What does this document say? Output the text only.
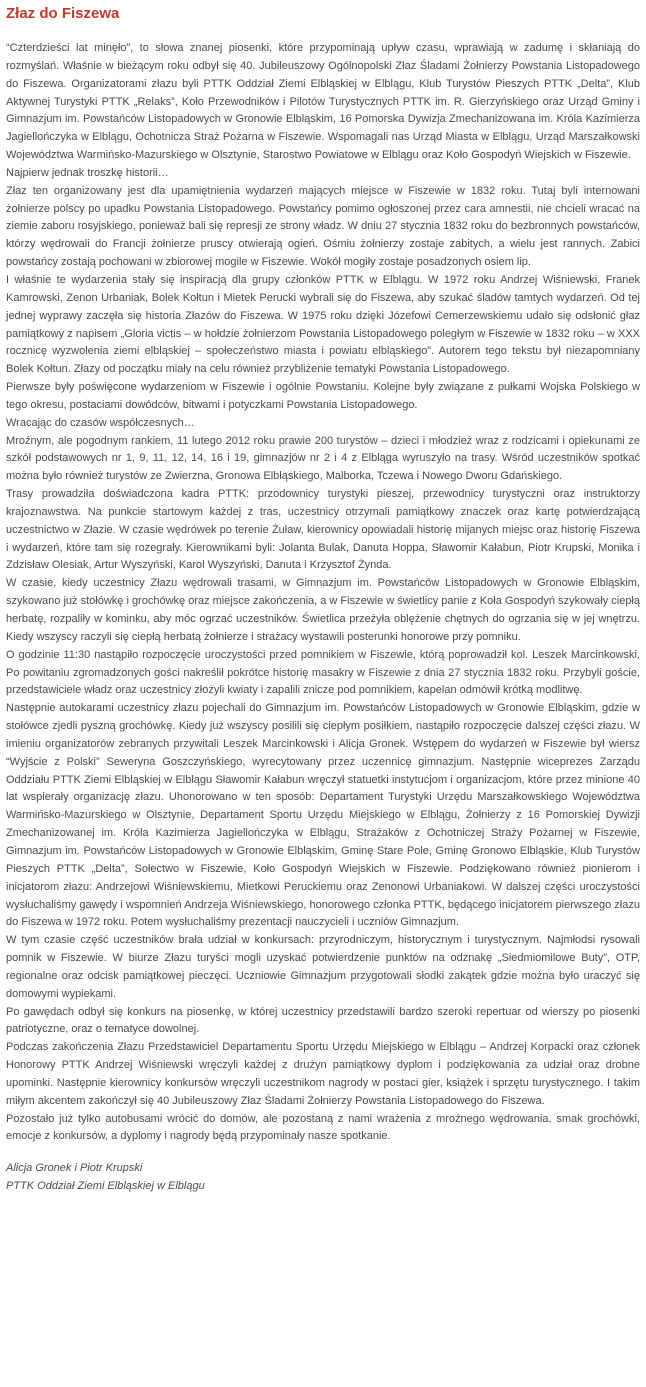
Złaz do Fiszewa

“Czterdzieści lat minęło”, to słowa znanej piosenki, które przypominają upływ czasu, wprawiają w zadumę i skłaniają do rozmyślań. Właśnie w bieżącym roku odbył się 40. Jubileuszowy Ogólnopolski Złaz Śladami Żołnierzy Powstania Listopadowego do Fiszewa. Organizatorami złazu byli PTTK Oddział Ziemi Elbląskiej w Elblągu, Klub Turystów Pieszych PTTK „Delta”, Klub Aktywnej Turystyki PTTK „Relaks”, Koło Przewodników i Pilotów Turystycznych PTTK im. R. Gierzyńskiego oraz Urząd Gminy i Gimnazjum im. Powstańców Listopadowych w Gronowie Elbląskim, 16 Pomorska Dywizja Zmechanizowana im. Króla Kazimierza Jagiellończyka w Elblągu, Ochotnicza Straż Pożarna w Fiszewie. Wspomagali nas Urząd Miasta w Elblągu, Urząd Marszałkowski Województwa Warmińsko-Mazurskiego w Olsztynie, Starostwo Powiatowe w Elblągu oraz Koło Gospodyń Wiejskich w Fiszewie.

Najpierw jednak troszkę historii…

Złaz ten organizowany jest dla upamiętnienia wydarzeń mających miejsce w Fiszewie w 1832 roku. Tutaj byli internowani żołnierze polscy po upadku Powstania Listopadowego. Powstańcy pomimo ogłoszonej przez cara amnestii, nie chcieli wracać na ziemie zaboru rosyjskiego, ponieważ bali się represji ze strony władz. W dniu 27 stycznia 1832 roku do bezbronnych powstańców, którzy wędrowali do Francji żołnierze pruscy otwierają ogień. Ośmiu żołnierzy zostaje zabitych, a wielu jest rannych. Zabici powstańcy zostają pochowani w zbiorowej mogile w Fiszewie. Wokół mogiły zostaje posadzonych osiem lip.

I właśnie te wydarzenia stały się inspiracją dla grupy członków PTTK w Elblągu. W 1972 roku Andrzej Wiśniewski, Franek Kamrowski, Zenon Urbaniak, Bolek Kołtun i Mietek Perucki wybrali się do Fiszewa, aby szukać śladów tamtych wydarzeń. Od tej jednej wyprawy zaczęła się historia Złazów do Fiszewa. W 1975 roku dzięki Józefowi Cemerzewskiemu udało się odsłonić głaz pamiątkowy z napisem „Gloria victis – w hołdzie żołnierzom Powstania Listopadowego poległym w Fiszewie w 1832 roku – w XXX rocznicę wyzwolenia ziemi elbląskiej – społeczeństwo miasta i powiatu elbląskiego”. Autorem tego tekstu był niezapomniany Bolek Kołtun. Złazy od początku miały na celu również przybliżenie tematyki Powstania Listopadowego.

Pierwsze były poświęcone wydarzeniom w Fiszewie i ogólnie Powstaniu. Kolejne były związane z pułkami Wojska Polskiego w tego okresu, postaciami dowódców, bitwami i potyczkami Powstania Listopadowego.

Wracając do czasów współczesnych…

Mroźnym, ale pogodnym rankiem, 11 lutego 2012 roku prawie 200 turystów – dzieci i młodzież wraz z rodzicami i opiekunami ze szkół podstawowych nr 1, 9, 11, 12, 14, 16 i 19, gimnazjów nr 2 i 4 z Elbląga wyruszyło na trasy. Wśród uczestników spotkać można było również turystów ze Zwierzna, Gronowa Elbląskiego, Malborka, Tczewa i Nowego Dworu Gdańskiego.

Trasy prowadziła doświadczona kadra PTTK: przodownicy turystyki pieszej, przewodnicy turystyczni oraz instruktorzy krajoznawstwa. Na punkcie startowym każdej z tras, uczestnicy otrzymali pamiątkowy znaczek oraz kartę potwierdzającą uczestnictwo w Złazie. W czasie wędrówek po terenie Żuław, kierownicy opowiadali historię mijanych miejsc oraz historię Fiszewa i wydarzeń, które tam się rozegrały. Kierownikami byli: Jolanta Bulak, Danuta Hoppa, Sławomir Kałabun, Piotr Krupski, Monika i Zdzisław Olesiak, Artur Wyszyński, Karol Wyszyński, Danuta i Krzysztof Żynda.

W czasie, kiedy uczestnicy Złazu wędrowali trasami, w Gimnazjum im. Powstańców Listopadowych w Gronowie Elbląskim, szykowano już stołówkę i grochówkę oraz miejsce zakończenia, a w Fiszewie w świetlicy panie z Koła Gospodyń szykowały ciepłą herbatę, rozpaliły w kominku, aby móc ogrzać uczestników. Świetlica przeżyła oblężenie chętnych do ogrzania się w jej wnętrzu. Kiedy wszyscy raczyli się ciepłą herbatą żołnierze i strażacy wystawili posterunki honorowe przy pomniku.

O godzinie 11:30 nastąpiło rozpoczęcie uroczystości przed pomnikiem w Fiszewie, którą poprowadził kol. Leszek Marcinkowski. Po powitaniu zgromadzonych gości nakreślił pokrótce historię masakry w Fiszewie z dnia 27 stycznia 1832 roku. Przybyli goście, przedstawiciele władz oraz uczestnicy złożyli kwiaty i zapalili znicze pod pomnikiem, kapelan odmówił krótką modlitwę.

Następnie autokarami uczestnicy złazu pojechali do Gimnazjum im. Powstańców Listopadowych w Gronowie Elbląskim, gdzie w stołówce zjedli pyszną grochówkę. Kiedy już wszyscy posilili się ciepłym posiłkiem, nastąpiło rozpoczęcie dalszej części złazu. W imieniu organizatorów zebranych przywitali Leszek Marcinkowski i Alicja Gronek. Wstępem do wydarzeń w Fiszewie był wiersz “Wyjście z Polski” Seweryna Goszczyńskiego, wyrecytowany przez uczennicę gimnazjum. Następnie wiceprezes Zarządu Oddziału PTTK Ziemi Elbląskiej w Elblągu Sławomir Kałabun wręczył statuetki instytucjom i organizacjom, które przez minione 40 lat wspierały organizację złazu. Uhonorowano w ten sposób: Departament Turystyki Urzędu Marszałkowskiego Województwa Warmińsko-Mazurskiego w Olsztynie, Departament Sportu Urzędu Miejskiego w Elblągu, Żołnierzy z 16 Pomorskiej Dywizji Zmechanizowanej im. Króla Kazimierza Jagiellończyka w Elblągu, Strażaków z Ochotniczej Straży Pożarnej w Fiszewie, Gimnazjum im. Powstańców Listopadowych w Gronowie Elbląskim, Gminę Stare Pole, Gminę Gronowo Elbląskie, Klub Turystów Pieszych PTTK „Delta”, Sołectwo w Fiszewie, Koło Gospodyń Wiejskich w Fiszewie. Podziękowano również pionierom i inicjatorom złazu: Andrzejowi Wiśniewskiemu, Mietkowi Peruckiemu oraz Zenonowi Urbaniakowi. W dalszej części uroczystości wysłuchaliśmy gawędy i wspomnień Andrzeja Wiśniewskiego, honorowego członka PTTK, będącego inicjatorem pierwszego złazu do Fiszewa w 1972 roku. Potem wysłuchaliśmy prezentacji nauczycieli i uczniów Gimnazjum.

W tym czasie część uczestników brała udział w konkursach: przyrodniczym, historycznym i turystycznym. Najmłodsi rysowali pomnik w Fiszewie. W biurze Złazu turyści mogli uzyskać potwierdzenie punktów na odznakę „Siedmiomilowe Buty”, OTP, regionalne oraz odcisk pamiątkowej pieczęci. Uczniowie Gimnazjum przygotowali słodki zakątek gdzie można było uraczyć się domowymi wypiekami.

Po gawędach odbył się konkurs na piosenkę, w której uczestnicy przedstawili bardzo szeroki repertuar od wierszy po piosenki patriotyczne, oraz o tematyce dowolnej.

Podczas zakończenia Złazu Przedstawiciel Departamentu Sportu Urzędu Miejskiego w Elblągu – Andrzej Korpacki oraz członek Honorowy PTTK Andrzej Wiśniewski wręczyli każdej z drużyn pamiątkowy dyplom i podziękowania za udział oraz drobne upominki. Następnie kierownicy konkursów wręczyli uczestnikom nagrody w postaci gier, książek i sprzętu turystycznego. I takim miłym akcentem zakończył się 40 Jubileuszowy Złaz Śladami Żołnierzy Powstania Listopadowego do Fiszewa.

Pozostało już tylko autobusami wrócić do domów, ale pozostaną z nami wrażenia z mroźnego wędrowania, smak grochówki, emocje z konkursów, a dyplomy i nagrody będą przypominały nasze spotkanie.

Alicja Gronek i Piotr Krupski

PTTK Oddział Ziemi Elbląskiej w Elblągu
